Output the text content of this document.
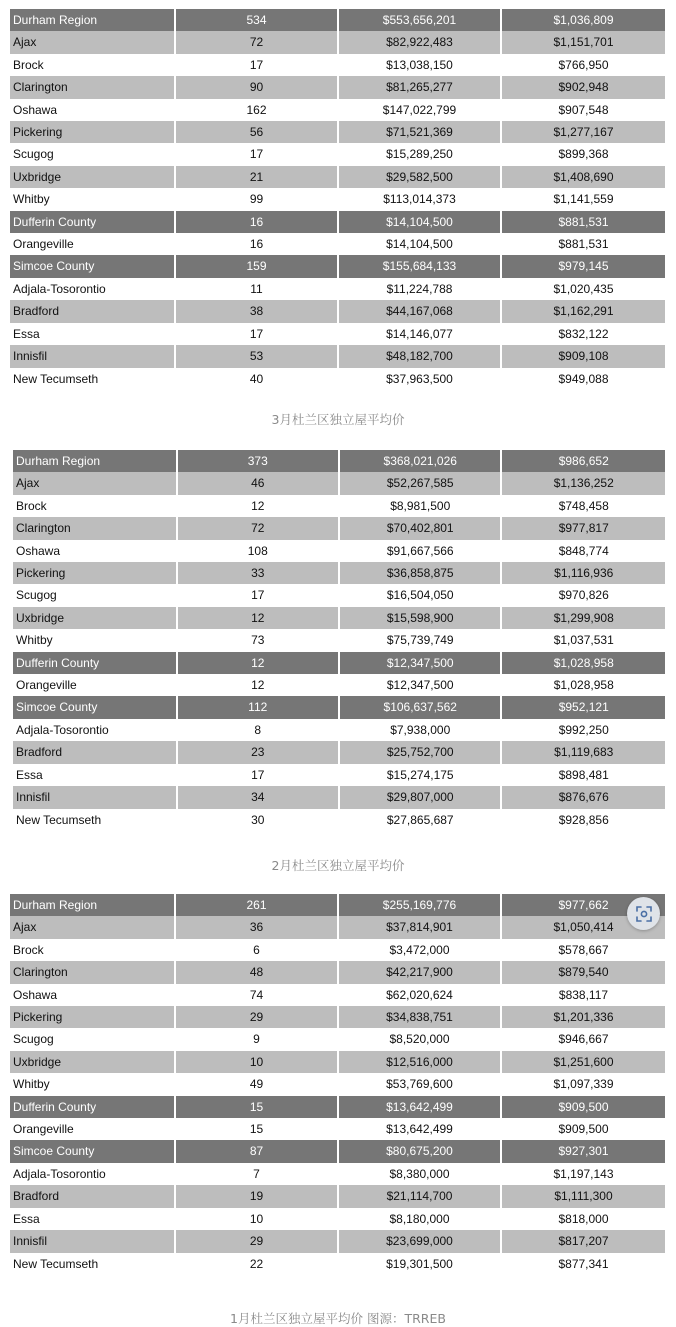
Durham Region	534	$553,656,201	$1,036,809
Ajax	72	$82,922,483	$1,151,701
Brock	17	$13,038,150	$766,950
Clarington	90	$81,265,277	$902,948
Oshawa	162	$147,022,799	$907,548
Pickering	56	$71,521,369	$1,277,167
Scugog	17	$15,289,250	$899,368
Uxbridge	21	$29,582,500	$1,408,690
Whitby	99	$113,014,373	$1,141,559
Dufferin County	16	$14,104,500	$881,531
Orangeville	16	$14,104,500	$881,531
Simcoe County	159	$155,684,133	$979,145
Adjala-Tosorontio	11	$11,224,788	$1,020,435
Bradford	38	$44,167,068	$1,162,291
Essa	17	$14,146,077	$832,122
Innisfil	53	$48,182,700	$909,108
New Tecumseth	40	$37,963,500	$949,088
3月杜兰区独立屋平均价
Durham Region	373	$368,021,026	$986,652
Ajax	46	$52,267,585	$1,136,252
Brock	12	$8,981,500	$748,458
Clarington	72	$70,402,801	$977,817
Oshawa	108	$91,667,566	$848,774
Pickering	33	$36,858,875	$1,116,936
Scugog	17	$16,504,050	$970,826
Uxbridge	12	$15,598,900	$1,299,908
Whitby	73	$75,739,749	$1,037,531
Dufferin County	12	$12,347,500	$1,028,958
Orangeville	12	$12,347,500	$1,028,958
Simcoe County	112	$106,637,562	$952,121
Adjala-Tosorontio	8	$7,938,000	$992,250
Bradford	23	$25,752,700	$1,119,683
Essa	17	$15,274,175	$898,481
Innisfil	34	$29,807,000	$876,676
New Tecumseth	30	$27,865,687	$928,856
2月杜兰区独立屋平均价
Durham Region	261	$255,169,776	$977,662
Ajax	36	$37,814,901	$1,050,414
Brock	6	$3,472,000	$578,667
Clarington	48	$42,217,900	$879,540
Oshawa	74	$62,020,624	$838,117
Pickering	29	$34,838,751	$1,201,336
Scugog	9	$8,520,000	$946,667
Uxbridge	10	$12,516,000	$1,251,600
Whitby	49	$53,769,600	$1,097,339
Dufferin County	15	$13,642,499	$909,500
Orangeville	15	$13,642,499	$909,500
Simcoe County	87	$80,675,200	$927,301
Adjala-Tosorontio	7	$8,380,000	$1,197,143
Bradford	19	$21,114,700	$1,111,300
Essa	10	$8,180,000	$818,000
Innisfil	29	$23,699,000	$817,207
New Tecumseth	22	$19,301,500	$877,341
1月杜兰区独立屋平均价 图源：TRREB
